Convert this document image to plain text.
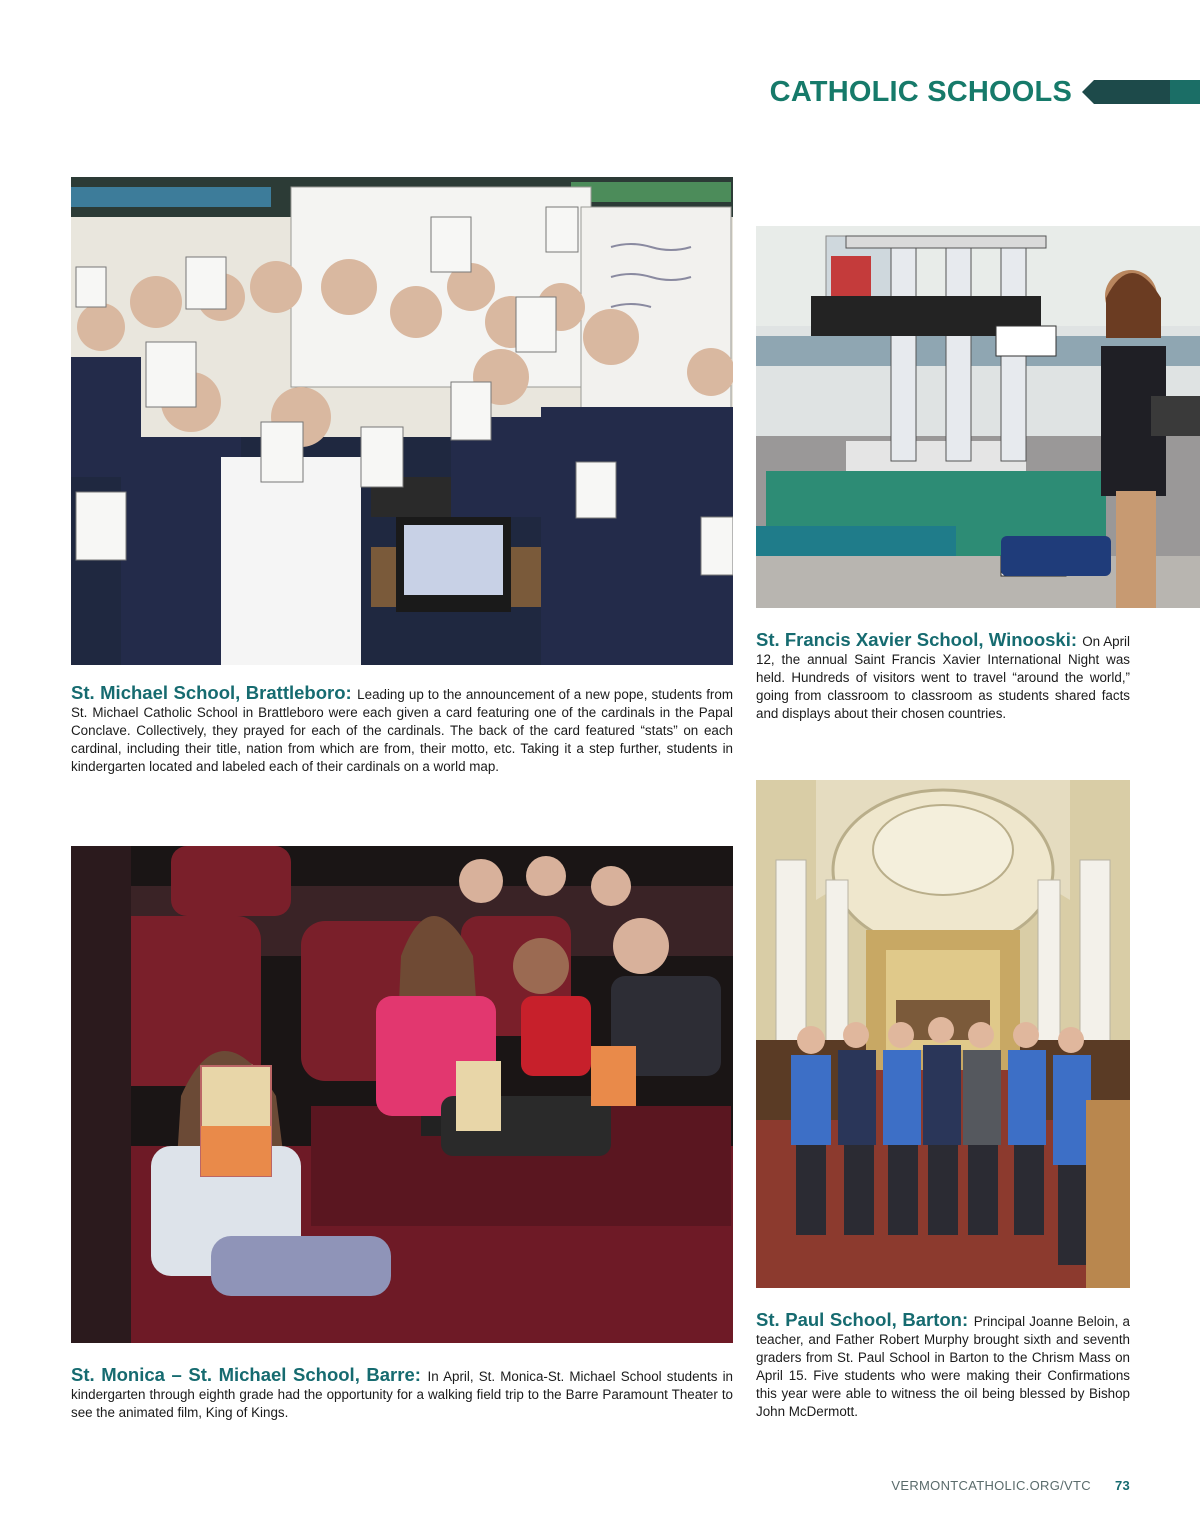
CATHOLIC SCHOOLS
St. Michael School, Brattleboro: Leading up to the announcement of a new pope, students from St. Michael Catholic School in Brattleboro were each given a card featuring one of the cardinals in the Papal Conclave. Collectively, they prayed for each of the cardinals. The back of the card featured “stats” on each cardinal, including their title, nation from which are from, their motto, etc. Taking it a step further, students in kindergarten located and labeled each of their cardinals on a world map.
St. Francis Xavier School, Winooski: On April 12, the annual Saint Francis Xavier International Night was held. Hundreds of visitors went to travel “around the world,” going from classroom to classroom as students shared facts and displays about their chosen countries.
St. Monica – St. Michael School, Barre: In April, St. Monica-St. Michael School students in kindergarten through eighth grade had the opportunity for a walking field trip to the Barre Paramount Theater to see the animated film, King of Kings.
St. Paul School, Barton: Principal Joanne Beloin, a teacher, and Father Robert Murphy brought sixth and seventh graders from St. Paul School in Barton to the Chrism Mass on April 15. Five students who were making their Confirmations this year were able to witness the oil being blessed by Bishop John McDermott.
VERMONTCATHOLIC.ORG/VTC 73
